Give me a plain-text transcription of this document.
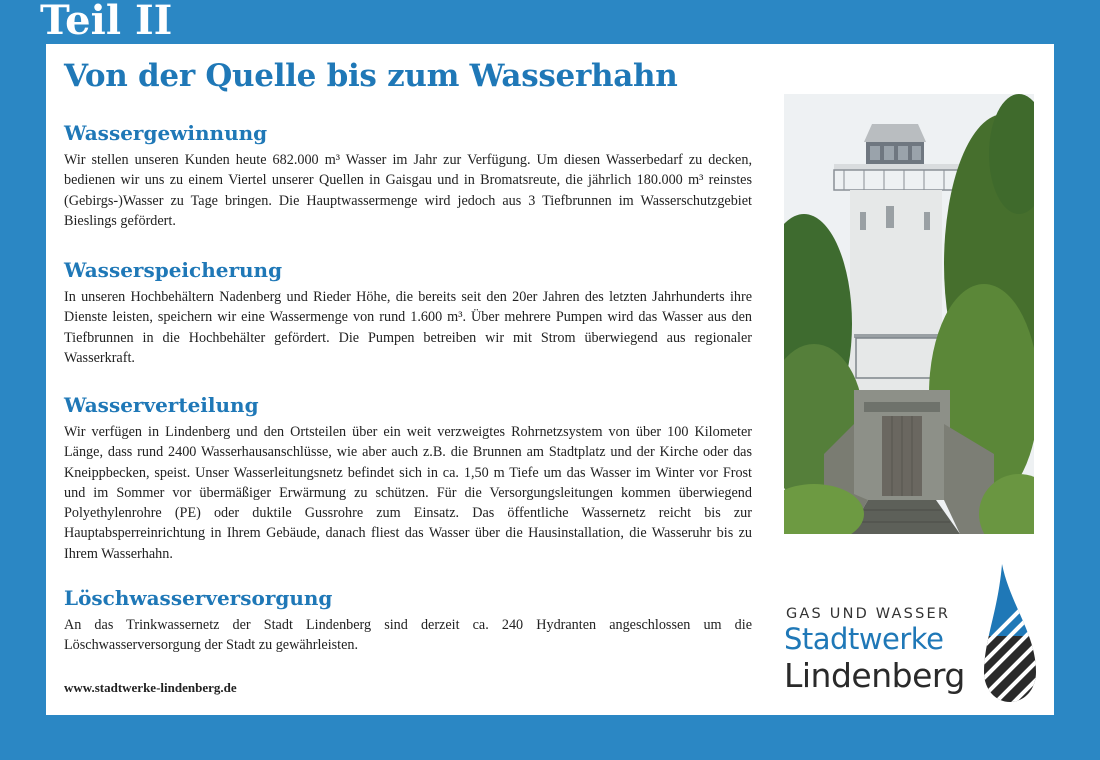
Teil II
Von der Quelle bis zum Wasserhahn
Wassergewinnung

Wir stellen unseren Kunden heute 682.000 m³ Wasser im Jahr zur Verfügung. Um diesen Wasserbedarf zu decken, bedienen wir uns zu einem Viertel unserer Quellen in Gaisgau und in Bromatsreute, die jährlich 180.000 m³ reinstes (Gebirgs-)Wasser zu Tage bringen. Die Hauptwassermenge wird jedoch aus 3 Tiefbrunnen im Wasserschutzgebiet Bieslings gefördert.

Wasserspeicherung

In unseren Hochbehältern Nadenberg und Rieder Höhe, die bereits seit den 20er Jahren des letzten Jahrhunderts ihre Dienste leisten, speichern wir eine Wassermenge von rund 1.600 m³. Über mehrere Pumpen wird das Wasser aus den Tiefbrunnen in die Hochbehälter gefördert. Die Pumpen betreiben wir mit Strom überwiegend aus regionaler Wasserkraft.

Wasserverteilung

Wir verfügen in Lindenberg und den Ortsteilen über ein weit verzweigtes Rohrnetzsystem von über 100 Kilometer Länge, dass rund 2400 Wasserhausanschlüsse, wie aber auch z.B. die Brunnen am Stadtplatz und der Kirche oder das Kneippbecken, speist. Unser Wasserleitungsnetz befindet sich in ca. 1,50 m Tiefe um das Wasser im Winter vor Frost und im Sommer vor übermäßiger Erwärmung zu schützen. Für die Versorgungsleitungen kommen überwiegend Polyethylenrohre (PE) oder duktile Gussrohre zum Einsatz. Das öffentliche Wassernetz reicht bis zur Hauptabsperreinrichtung in Ihrem Gebäude, danach fliest das Wasser über die Hausinstallation, die Wasseruhr bis zu Ihrem Wasserhahn.

Löschwasserversorgung

An das Trinkwassernetz der Stadt Lindenberg sind derzeit ca. 240 Hydranten angeschlossen um die Löschwasserversorgung der Stadt zu gewährleisten.

www.stadtwerke-lindenberg.de
GAS UND WASSER
Stadtwerke
Lindenberg
